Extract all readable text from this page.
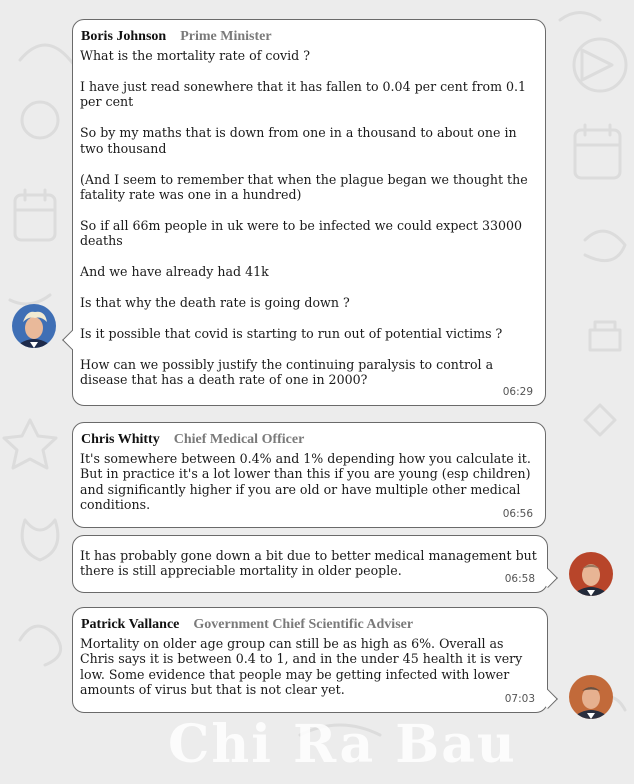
Chi Ra Bau
Boris Johnson Prime Minister

What is the mortality rate of covid ?

I have just read sonewhere that it has fallen to 0.04 per cent from 0.1 per cent

So by my maths that is down from one in a thousand to about one in two thousand

(And I seem to remember that when the plague began we thought the fatality rate was one in a hundred)

So if all 66m people in uk were to be infected we could expect 33000 deaths

And we have already had 41k

Is that why the death rate is going down ?

Is it possible that covid is starting to run out of potential victims ?

How can we possibly justify the continuing paralysis to control a disease that has a death rate of one in 2000?

06:29
Chris Whitty Chief Medical Officer

It's somewhere between 0.4% and 1% depending how you calculate it. But in practice it's a lot lower than this if you are young (esp children) and significantly higher if you are old or have multiple other medical conditions.

06:56

It has probably gone down a bit due to better medical management but there is still appreciable mortality in older people.

06:58
Patrick Vallance Government Chief Scientific Adviser

Mortality on older age group can still be as high as 6%. Overall as Chris says it is between 0.4 to 1, and in the under 45 health it is very low. Some evidence that people may be getting infected with lower amounts of virus but that is not clear yet.

07:03
